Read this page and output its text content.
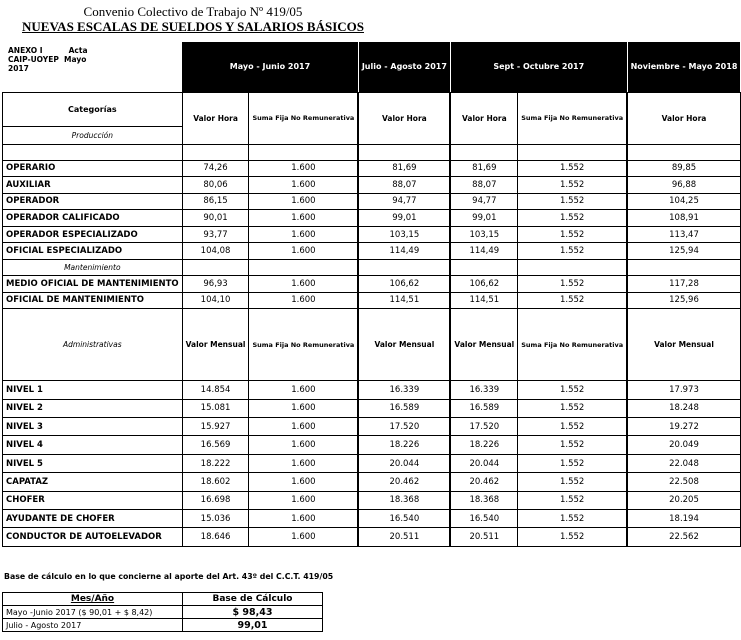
Convenio Colectivo de Trabajo Nº 419/05
NUEVAS ESCALAS DE SUELDOS Y SALARIOS BÁSICOS
ANEXO I          Acta
CAIP-UOYEP  Mayo
2017
		Mayo - Junio 2017		Julio - Agosto 2017		Sept - Octubre 2017		Noviembre - Mayo 2018
Categorías	Valor Hora	Suma Fija No Remunerativa		Valor Hora		Valor Hora	Suma Fija No Remunerativa		Valor Hora
Producción						

OPERARIO	74,26	1.600		81,69		81,69	1.552		89,85
AUXILIAR	80,06	1.600		88,07		88,07	1.552		96,88
OPERADOR	86,15	1.600		94,77		94,77	1.552		104,25
OPERADOR CALIFICADO	90,01	1.600		99,01		99,01	1.552		108,91
OPERADOR ESPECIALIZADO	93,77	1.600		103,15		103,15	1.552		113,47
OFICIAL ESPECIALIZADO	104,08	1.600		114,49		114,49	1.552		125,94
Mantenimiento									
MEDIO OFICIAL DE MANTENIMIENTO	96,93	1.600		106,62		106,62	1.552		117,28
OFICIAL DE MANTENIMIENTO	104,10	1.600		114,51		114,51	1.552		125,96
Administrativas	Valor Mensual	Suma Fija No Remunerativa		Valor Mensual		Valor Mensual	Suma Fija No Remunerativa		Valor Mensual
NIVEL 1	14.854	1.600		16.339		16.339	1.552		17.973
NIVEL 2	15.081	1.600		16.589		16.589	1.552		18.248
NIVEL 3	15.927	1.600		17.520		17.520	1.552		19.272
NIVEL 4	16.569	1.600		18.226		18.226	1.552		20.049
NIVEL 5	18.222	1.600		20.044		20.044	1.552		22.048
CAPATAZ	18.602	1.600		20.462		20.462	1.552		22.508
CHOFER	16.698	1.600		18.368		18.368	1.552		20.205
AYUDANTE DE CHOFER	15.036	1.600		16.540		16.540	1.552		18.194
CONDUCTOR DE AUTOELEVADOR	18.646	1.600		20.511		20.511	1.552		22.562
Base de cálculo en lo que concierne al aporte del Art. 43º del C.C.T. 419/05
Mes/Año	Base de Cálculo
Mayo -Junio 2017 ($ 90,01 + $ 8,42)	$ 98,43
Julio - Agosto 2017	99,01
